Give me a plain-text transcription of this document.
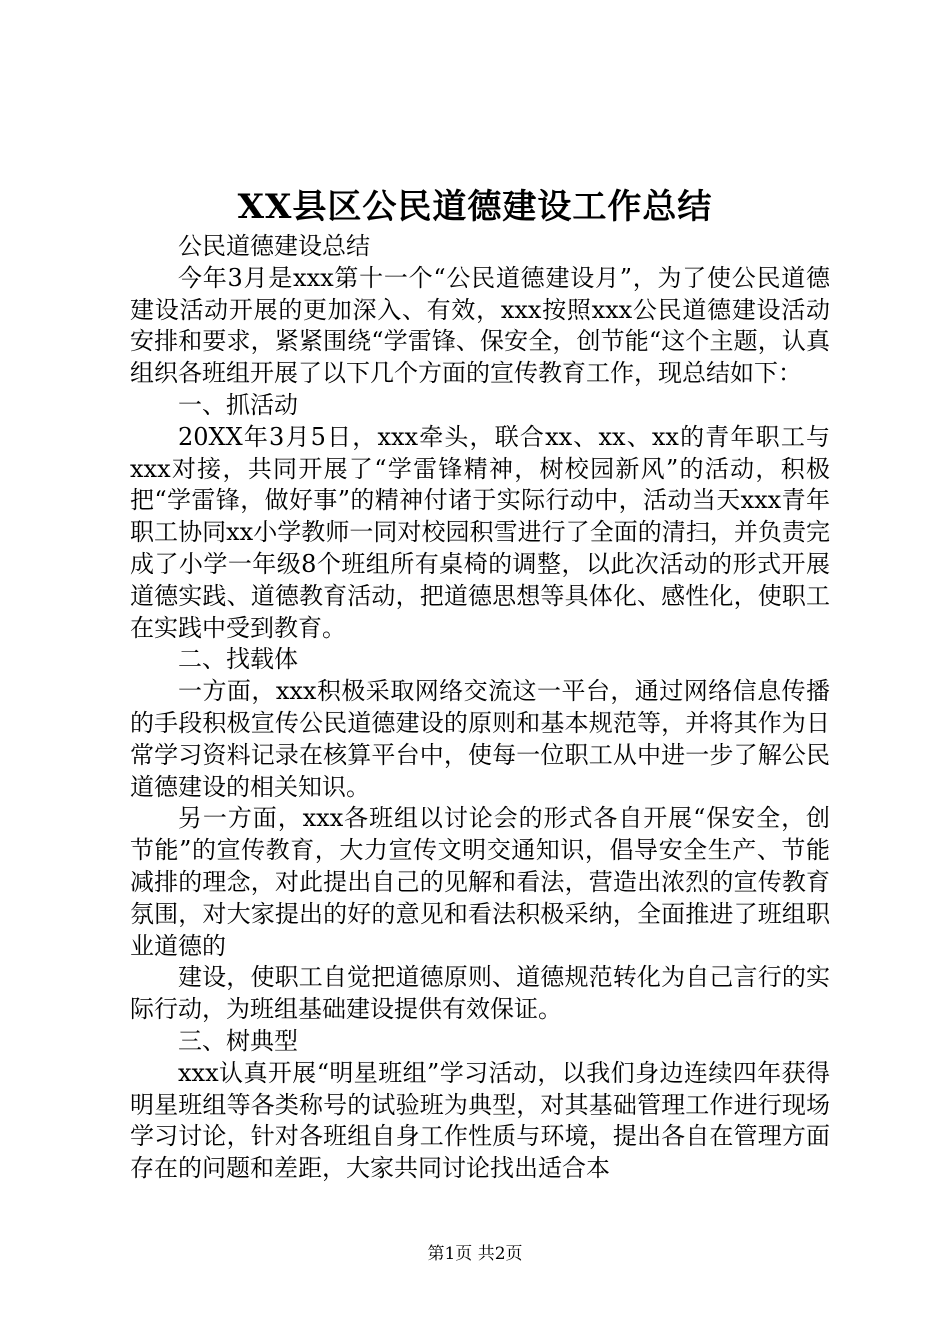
XX县区公民道德建设工作总结

公民道德建设总结

今年3月是xxx第十一个“公民道德建设月”，为了使公民道德建设活动开展的更加深入、有效，xxx按照xxx公民道德建设活动安排和要求，紧紧围绕“学雷锋、保安全，创节能“这个主题，认真组织各班组开展了以下几个方面的宣传教育工作，现总结如下：

一、抓活动

20XX年3月5日，xxx牵头，联合xx、xx、xx的青年职工与xxx对接，共同开展了“学雷锋精神，树校园新风”的活动，积极把“学雷锋，做好事”的精神付诸于实际行动中，活动当天xxx青年职工协同xx小学教师一同对校园积雪进行了全面的清扫，并负责完成了小学一年级8个班组所有桌椅的调整，以此次活动的形式开展道德实践、道德教育活动，把道德思想等具体化、感性化，使职工在实践中受到教育。

二、找载体

一方面，xxx积极采取网络交流这一平台，通过网络信息传播的手段积极宣传公民道德建设的原则和基本规范等，并将其作为日常学习资料记录在核算平台中，使每一位职工从中进一步了解公民道德建设的相关知识。

另一方面，xxx各班组以讨论会的形式各自开展“保安全，创节能”的宣传教育，大力宣传文明交通知识，倡导安全生产、节能减排的理念，对此提出自己的见解和看法，营造出浓烈的宣传教育氛围，对大家提出的好的意见和看法积极采纳，全面推进了班组职业道德的

建设，使职工自觉把道德原则、道德规范转化为自己言行的实际行动，为班组基础建设提供有效保证。

三、树典型

xxx认真开展“明星班组”学习活动，以我们身边连续四年获得明星班组等各类称号的试验班为典型，对其基础管理工作进行现场学习讨论，针对各班组自身工作性质与环境，提出各自在管理方面存在的问题和差距，大家共同讨论找出适合本

第1页 共2页
